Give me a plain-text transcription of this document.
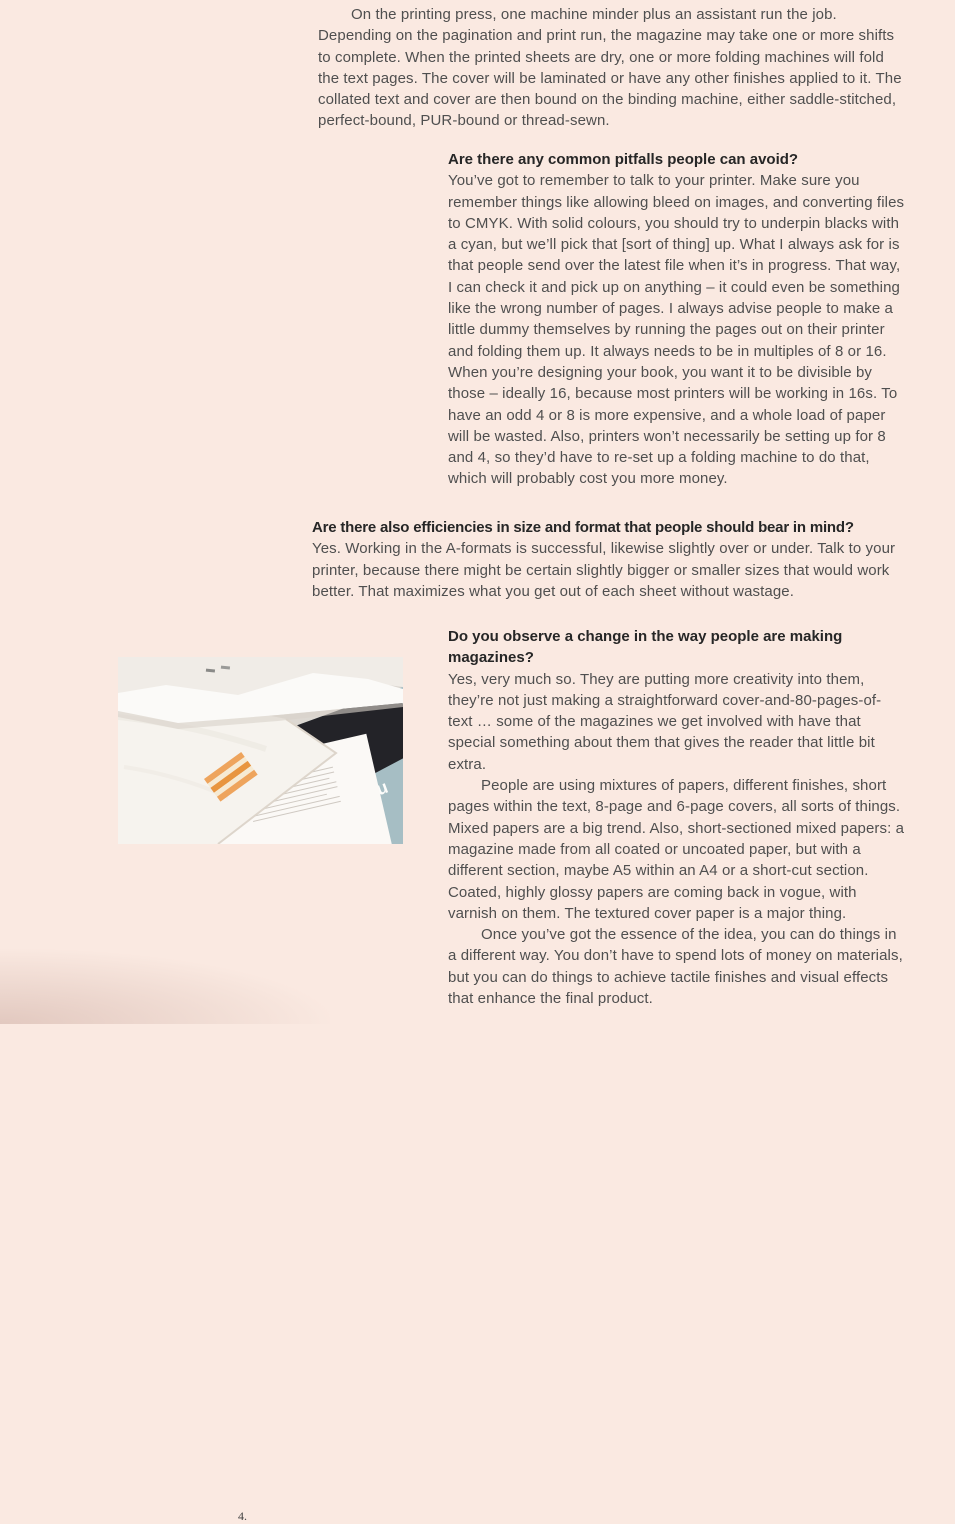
On the printing press, one machine minder plus an assistant run the job. Depending on the pagination and print run, the magazine may take one or more shifts to complete. When the printed sheets are dry, one or more folding machines will fold the text pages. The cover will be laminated or have any other finishes applied to it. The collated text and cover are then bound on the binding machine, either saddle-stitched, perfect-bound, PUR-bound or thread-sewn.

Are there any common pitfalls people can avoid?

You’ve got to remember to talk to your printer. Make sure you remember things like allowing bleed on images, and converting files to CMYK. With solid colours, you should try to underpin blacks with a cyan, but we’ll pick that [sort of thing] up. What I always ask for is that people send over the latest file when it’s in progress. That way, I can check it and pick up on anything – it could even be something like the wrong number of pages. I always advise people to make a little dummy themselves by running the pages out on their printer and folding them up. It always needs to be in multiples of 8 or 16. When you’re designing your book, you want it to be divisible by those – ideally 16, because most printers will be working in 16s. To have an odd 4 or 8 is more expensive, and a whole load of paper will be wasted. Also, printers won’t necessarily be setting up for 8 and 4, so they’d have to re-set up a folding machine to do that, which will probably cost you more money.

Are there also efficiencies in size and format that people should bear in mind?

Yes. Working in the A-formats is successful, likewise slightly over or under. Talk to your printer, because there might be certain slightly bigger or smaller sizes that would work better. That maximizes what you get out of each sheet without wastage.

Do you observe a change in the way people are making magazines?

Yes, very much so. They are putting more creativity into them, they’re not just making a straightforward cover-and-80-pages-of-text … some of the magazines we get involved with have that special something about them that gives the reader that little bit extra.

People are using mixtures of papers, different finishes, short pages within the text, 8-page and 6-page covers, all sorts of things. Mixed papers are a big trend. Also, short-sectioned mixed papers: a magazine made from all coated or uncoated paper, but with a different section, maybe A5 within an A4 or a short-cut section. Coated, highly glossy papers are coming back in vogue, with varnish on them. The textured cover paper is a major thing.

Once you’ve got the essence of the idea, you can do things in a different way. You don’t have to spend lots of money on materials, but you can do things to achieve tactile finishes and visual effects that enhance the final product.

4.
